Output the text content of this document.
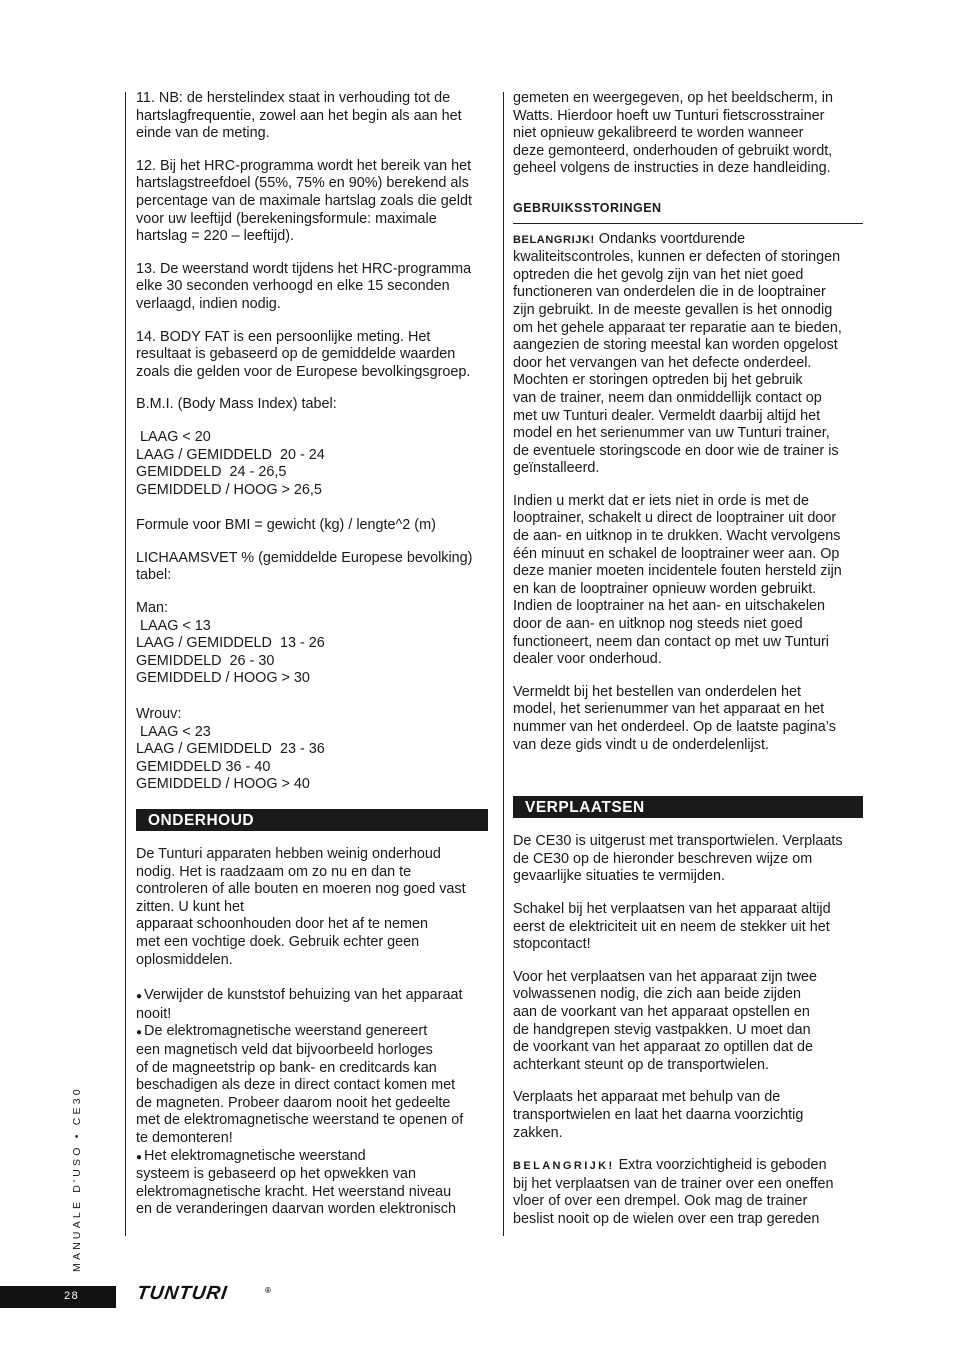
11. NB: de herstelindex staat in verhouding tot de
hartslagfrequentie, zowel aan het begin als aan het
einde van de meting.

12. Bij het HRC-programma wordt het bereik van het
hartslagstreefdoel (55%, 75% en 90%) berekend als
percentage van de maximale hartslag zoals die geldt
voor uw leeftijd (berekeningsformule: maximale
hartslag = 220 – leeftijd).

13. De weerstand wordt tijdens het HRC-programma
elke 30 seconden verhoogd en elke 15 seconden
verlaagd, indien nodig.

14. BODY FAT is een persoonlijke meting. Het
resultaat is gebaseerd op de gemiddelde waarden
zoals die gelden voor de Europese bevolkingsgroep.

B.M.I. (Body Mass Index) tabel:

LAAG < 20
LAAG / GEMIDDELD  20 - 24
GEMIDDELD  24 - 26,5
GEMIDDELD / HOOG > 26,5

Formule voor BMI = gewicht (kg) / lengte^2 (m)

LICHAAMSVET % (gemiddelde Europese bevolking)
tabel:

Man:
LAAG < 13
LAAG / GEMIDDELD  13 - 26
GEMIDDELD  26 - 30
GEMIDDELD / HOOG > 30
Wrouv:
LAAG < 23
LAAG / GEMIDDELD  23 - 36
GEMIDDELD 36 - 40
GEMIDDELD / HOOG > 40
ONDERHOUD

De Tunturi apparaten hebben weinig onderhoud
nodig. Het is raadzaam om zo nu en dan te
controleren of alle bouten en moeren nog goed vast
zitten. U kunt het
apparaat schoonhouden door het af te nemen
met een vochtige doek. Gebruik echter geen
oplosmiddelen.

● Verwijder de kunststof behuizing van het apparaat
nooit!
● De elektromagnetische weerstand genereert
een magnetisch veld dat bijvoorbeeld horloges
of de magneetstrip op bank- en creditcards kan
beschadigen als deze in direct contact komen met
de magneten. Probeer daarom nooit het gedeelte
met de elektromagnetische weerstand te openen of
te demonteren!
● Het elektromagnetische weerstand
systeem is gebaseerd op het opwekken van
elektromagnetische kracht. Het weerstand niveau
en de veranderingen daarvan worden elektronisch

gemeten en weergegeven, op het beeldscherm, in
Watts. Hierdoor hoeft uw Tunturi fietscrosstrainer
niet opnieuw gekalibreerd te worden wanneer
deze gemonteerd, onderhouden of gebruikt wordt,
geheel volgens de instructies in deze handleiding.

GEBRUIKSSTORINGEN

BELANGRIJK! Ondanks voortdurende
kwaliteitscontroles, kunnen er defecten of storingen
optreden die het gevolg zijn van het niet goed
functioneren van onderdelen die in de looptrainer
zijn gebruikt. In de meeste gevallen is het onnodig
om het gehele apparaat ter reparatie aan te bieden,
aangezien de storing meestal kan worden opgelost
door het vervangen van het defecte onderdeel.
Mochten er storingen optreden bij het gebruik
van de trainer, neem dan onmiddellijk contact op
met uw Tunturi dealer. Vermeldt daarbij altijd het
model en het serienummer van uw Tunturi trainer,
de eventuele storingscode en door wie de trainer is
geïnstalleerd.

Indien u merkt dat er iets niet in orde is met de
looptrainer, schakelt u direct de looptrainer uit door
de aan- en uitknop in te drukken. Wacht vervolgens
één minuut en schakel de looptrainer weer aan. Op
deze manier moeten incidentele fouten hersteld zijn
en kan de looptrainer opnieuw worden gebruikt.
Indien de looptrainer na het aan- en uitschakelen
door de aan- en uitknop nog steeds niet goed
functioneert, neem dan contact op met uw Tunturi
dealer voor onderhoud.

Vermeldt bij het bestellen van onderdelen het
model, het serienummer van het apparaat en het
nummer van het onderdeel. Op de laatste pagina’s
van deze gids vindt u de onderdelenlijst.

VERPLAATSEN

De CE30 is uitgerust met transportwielen. Verplaats
de CE30 op de hieronder beschreven wijze om
gevaarlijke situaties te vermijden.

Schakel bij het verplaatsen van het apparaat altijd
eerst de elektriciteit uit en neem de stekker uit het
stopcontact!

Voor het verplaatsen van het apparaat zijn twee
volwassenen nodig, die zich aan beide zijden
aan de voorkant van het apparaat opstellen en
de handgrepen stevig vastpakken. U moet dan
de voorkant van het apparaat zo optillen dat de
achterkant steunt op de transportwielen.

Verplaats het apparaat met behulp van de
transportwielen en laat het daarna voorzichtig
zakken.

BELANGRIJK! Extra voorzichtigheid is geboden
bij het verplaatsen van de trainer over een oneffen
vloer of over een drempel. Ook mag de trainer
beslist nooit op de wielen over een trap gereden

MANUALE D'USO • CE30
28	TUNTURI	®
